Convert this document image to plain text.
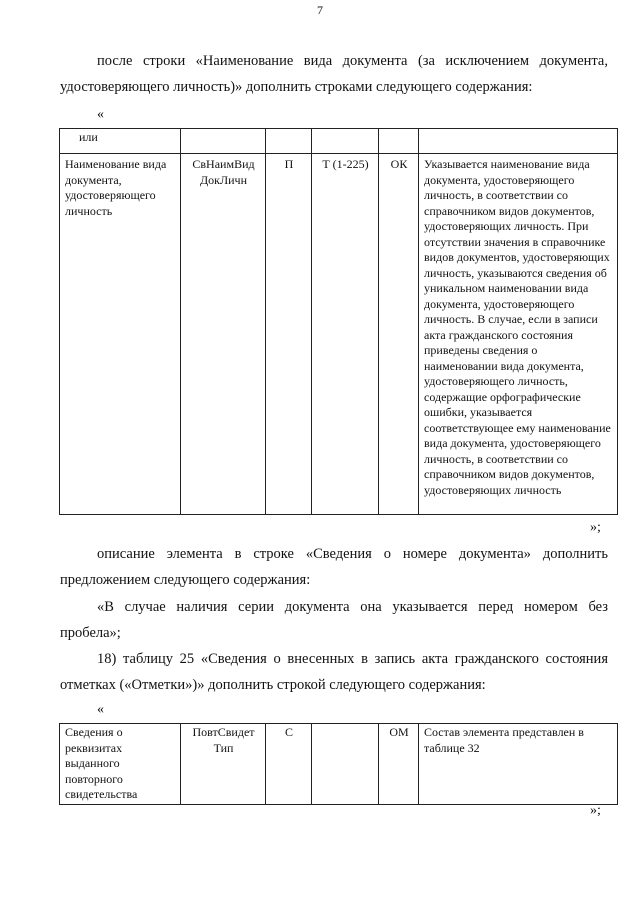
7

после строки «Наименование вида документа (за исключением документа, удостоверяющего личность)» дополнить строками следующего содержания:

«
или					

Наименование вида документа, удостоверяющего личность	СвНаимВид ДокЛичн	П	Т (1-225)	ОК	Указывается наименование вида документа, удостоверяющего личность, в соответствии со справочником видов документов, удостоверяющих личность. При отсутствии значения в справочнике видов документов, удостоверяющих личность, указываются сведения об уникальном наименовании вида документа, удостоверяющего личность. В случае, если в записи акта гражданского состояния приведены сведения о наименовании вида документа, удостоверяющего личность, содержащие орфографические ошибки, указывается соответствующее ему наименование вида документа, удостоверяющего личность, в соответствии со справочником видов документов, удостоверяющих личность
»;

описание элемента в строке «Сведения о номере документа» дополнить предложением следующего содержания:

«В случае наличия серии документа она указывается перед номером без пробела»;

18) таблицу 25 «Сведения о внесенных в запись акта гражданского состояния отметках («Отметки»)» дополнить строкой следующего содержания:

«
Сведения о реквизитах выданного повторного свидетельства	ПовтСвидет Тип	С		ОМ	Состав элемента представлен в таблице 32
»;
